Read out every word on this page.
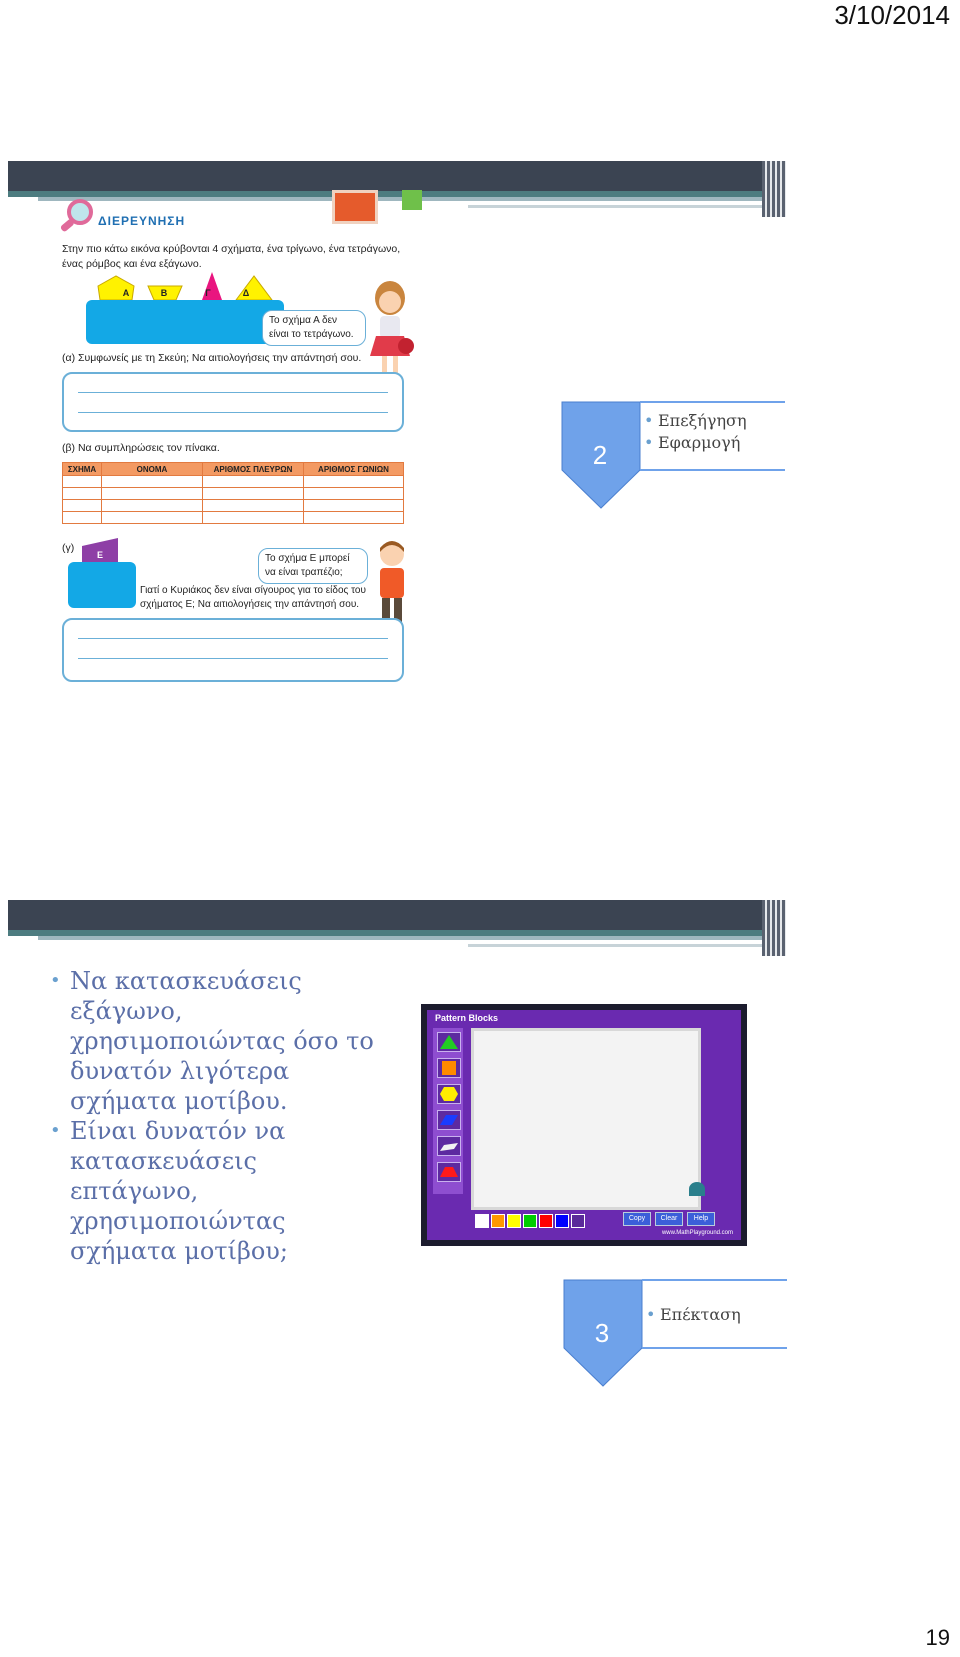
3/10/2014
19
ΔΙΕΡΕΥΝΗΣΗ
Στην πιο κάτω εικόνα κρύβονται 4 σχήματα, ένα τρίγωνο, ένα τετράγωνο, ένας ρόμβος και ένα εξάγωνο.
Α	Β	Γ	Δ
Το σχήμα Α δεν είναι το τετράγωνο.
(α) Συμφωνείς με τη Σκεύη; Να αιτιολογήσεις την απάντησή σου.
(β) Να συμπληρώσεις τον πίνακα.
ΣΧΗΜΑ	ΟΝΟΜΑ	ΑΡΙΘΜΟΣ ΠΛΕΥΡΩΝ	ΑΡΙΘΜΟΣ ΓΩΝΙΩΝ

(γ)
Ε	Το σχήμα Ε μπορεί να είναι τραπέζιο;
Γιατί ο Κυριάκος δεν είναι σίγουρος για το είδος του σχήματος Ε; Να αιτιολογήσεις την απάντησή σου.
2
• Επεξήγηση
• Εφαρμογή
• Να κατασκευάσεις εξάγωνο, χρησιμοποιώντας όσο το δυνατόν λιγότερα σχήματα μοτίβου.
• Είναι δυνατόν να κατασκευάσεις επτάγωνο, χρησιμοποιώντας σχήματα μοτίβου;
Pattern Blocks
Copy	Clear	Help
www.MathPlayground.com
3
• Επέκταση
